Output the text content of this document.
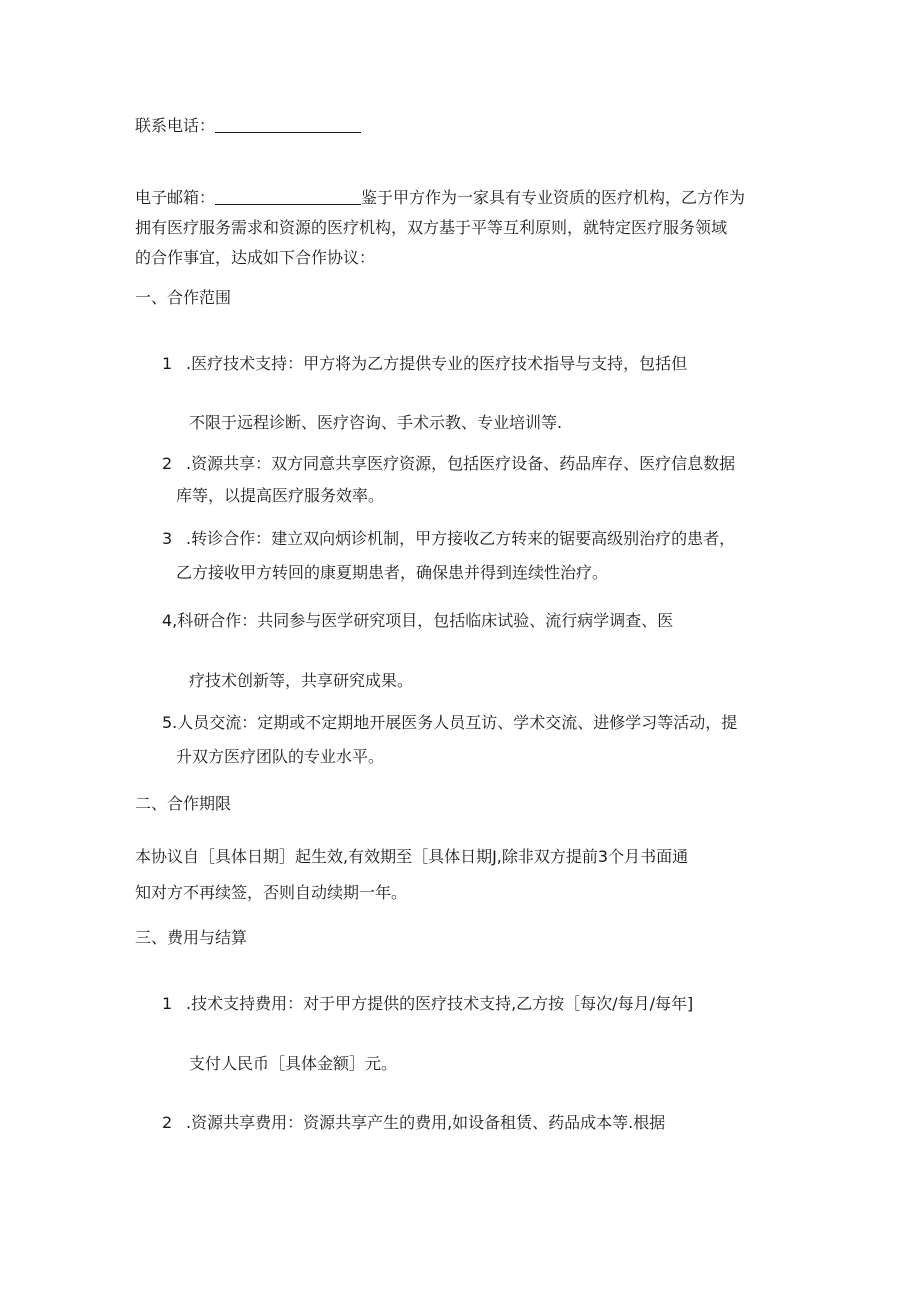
联系电话：
电子邮箱：	鉴于甲方作为一家具有专业资质的医疗机构，乙方作为
拥有医疗服务需求和资源的医疗机构，双方基于平等互利原则，就特定医疗服务领域
的合作事宜，达成如下合作协议：
一、合作范围
1 .医疗技术支持：甲方将为乙方提供专业的医疗技术指导与支持，包括但
不限于远程诊断、医疗咨询、手术示教、专业培训等.
2 .资源共享：双方同意共享医疗资源，包括医疗设备、药品库存、医疗信息数据
库等，以提高医疗服务效率。
3 .转诊合作：建立双向炳诊机制，甲方接收乙方转来的锯要高级别治疗的患者，
乙方接收甲方转回的康夏期患者，确保患并得到连续性治疗。
4,科研合作：共同参与医学研究项目，包括临床试验、流行病学调查、医
疗技术创新等，共享研究成果。
5.人员交流：定期或不定期地开展医务人员互访、学术交流、进修学习等活动，提
升双方医疗团队的专业水平。
二、合作期限
本协议自［具体日期］起生效,有效期至［具体日期J,除非双方提前3个月书面通
知对方不再续签，否则自动续期一年。
三、费用与结算
1 .技术支持费用：对于甲方提供的医疗技术支持,乙方按［每次/每月/每年]
支付人民币［具体金额］元。
2 .资源共享费用：资源共享产生的费用,如设备租赁、药品成本等.根据
